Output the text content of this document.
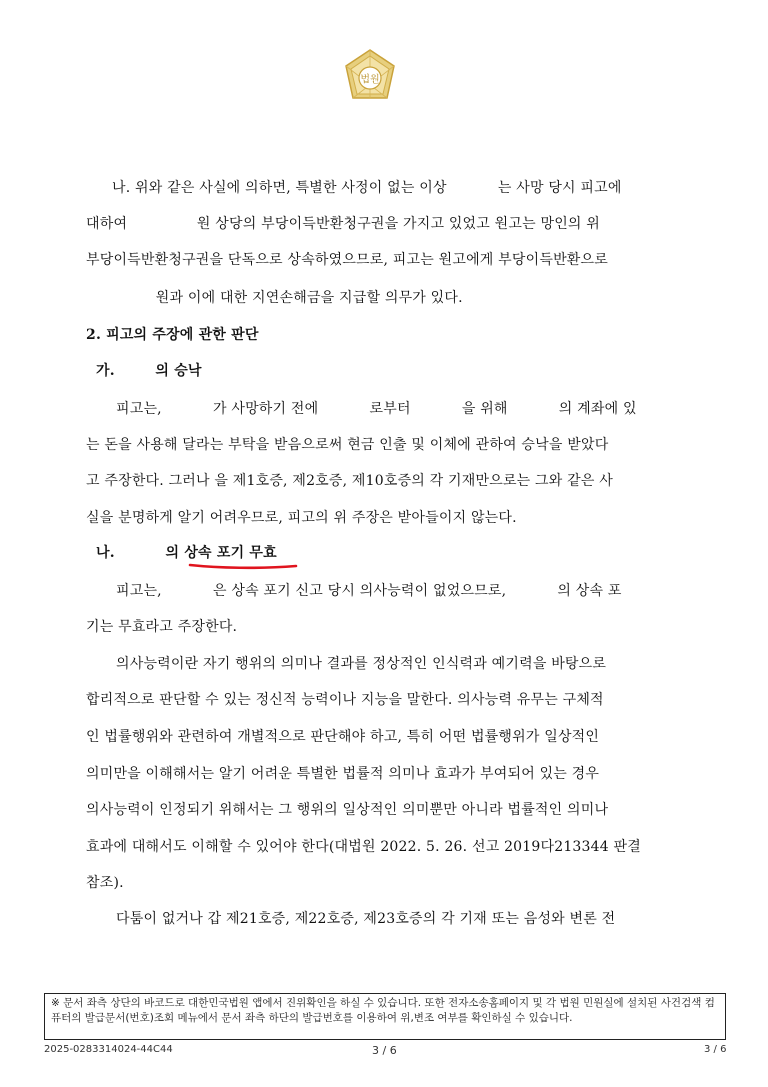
법원
나. 위와 같은 사실에 의하면, 특별한 사정이 없는 이상           는 사망 당시 피고에
대하여               원 상당의 부당이득반환청구권을 가지고 있었고 원고는 망인의 위
부당이득반환청구권을 단독으로 상속하였으므로, 피고는 원고에게 부당이득반환으로
원과 이에 대한 지연손해금을 지급할 의무가 있다.
2. 피고의 주장에 관한 판단
가.        의 승낙
피고는,           가 사망하기 전에           로부터           을 위해           의 계좌에 있
는 돈을 사용해 달라는 부탁을 받음으로써 현금 인출 및 이체에 관하여 승낙을 받았다
고 주장한다. 그러나 을 제1호증, 제2호증, 제10호증의 각 기재만으로는 그와 같은 사
실을 분명하게 알기 어려우므로, 피고의 위 주장은 받아들이지 않는다.
나.          의 상속 포기 무효
피고는,           은 상속 포기 신고 당시 의사능력이 없었으므로,           의 상속 포
기는 무효라고 주장한다.
의사능력이란 자기 행위의 의미나 결과를 정상적인 인식력과 예기력을 바탕으로
합리적으로 판단할 수 있는 정신적 능력이나 지능을 말한다. 의사능력 유무는 구체적
인 법률행위와 관련하여 개별적으로 판단해야 하고, 특히 어떤 법률행위가 일상적인
의미만을 이해해서는 알기 어려운 특별한 법률적 의미나 효과가 부여되어 있는 경우
의사능력이 인정되기 위해서는 그 행위의 일상적인 의미뿐만 아니라 법률적인 의미나
효과에 대해서도 이해할 수 있어야 한다(대법원 2022. 5. 26. 선고 2019다213344 판결
참조).
다툼이 없거나 갑 제21호증, 제22호증, 제23호증의 각 기재 또는 음성와 변론 전
※ 문서 좌측 상단의 바코드로 대한민국법원 앱에서 진위확인을 하실 수 있습니다. 또한 전자소송홈페이지 및 각 법원 민원실에 설치된 사건검색 컴퓨터의 발급문서(번호)조회 메뉴에서 문서 좌측 하단의 발급번호를 이용하여 위,변조 여부를 확인하실 수 있습니다.
2025-0283314024-44C44	3 / 6	3 / 6
